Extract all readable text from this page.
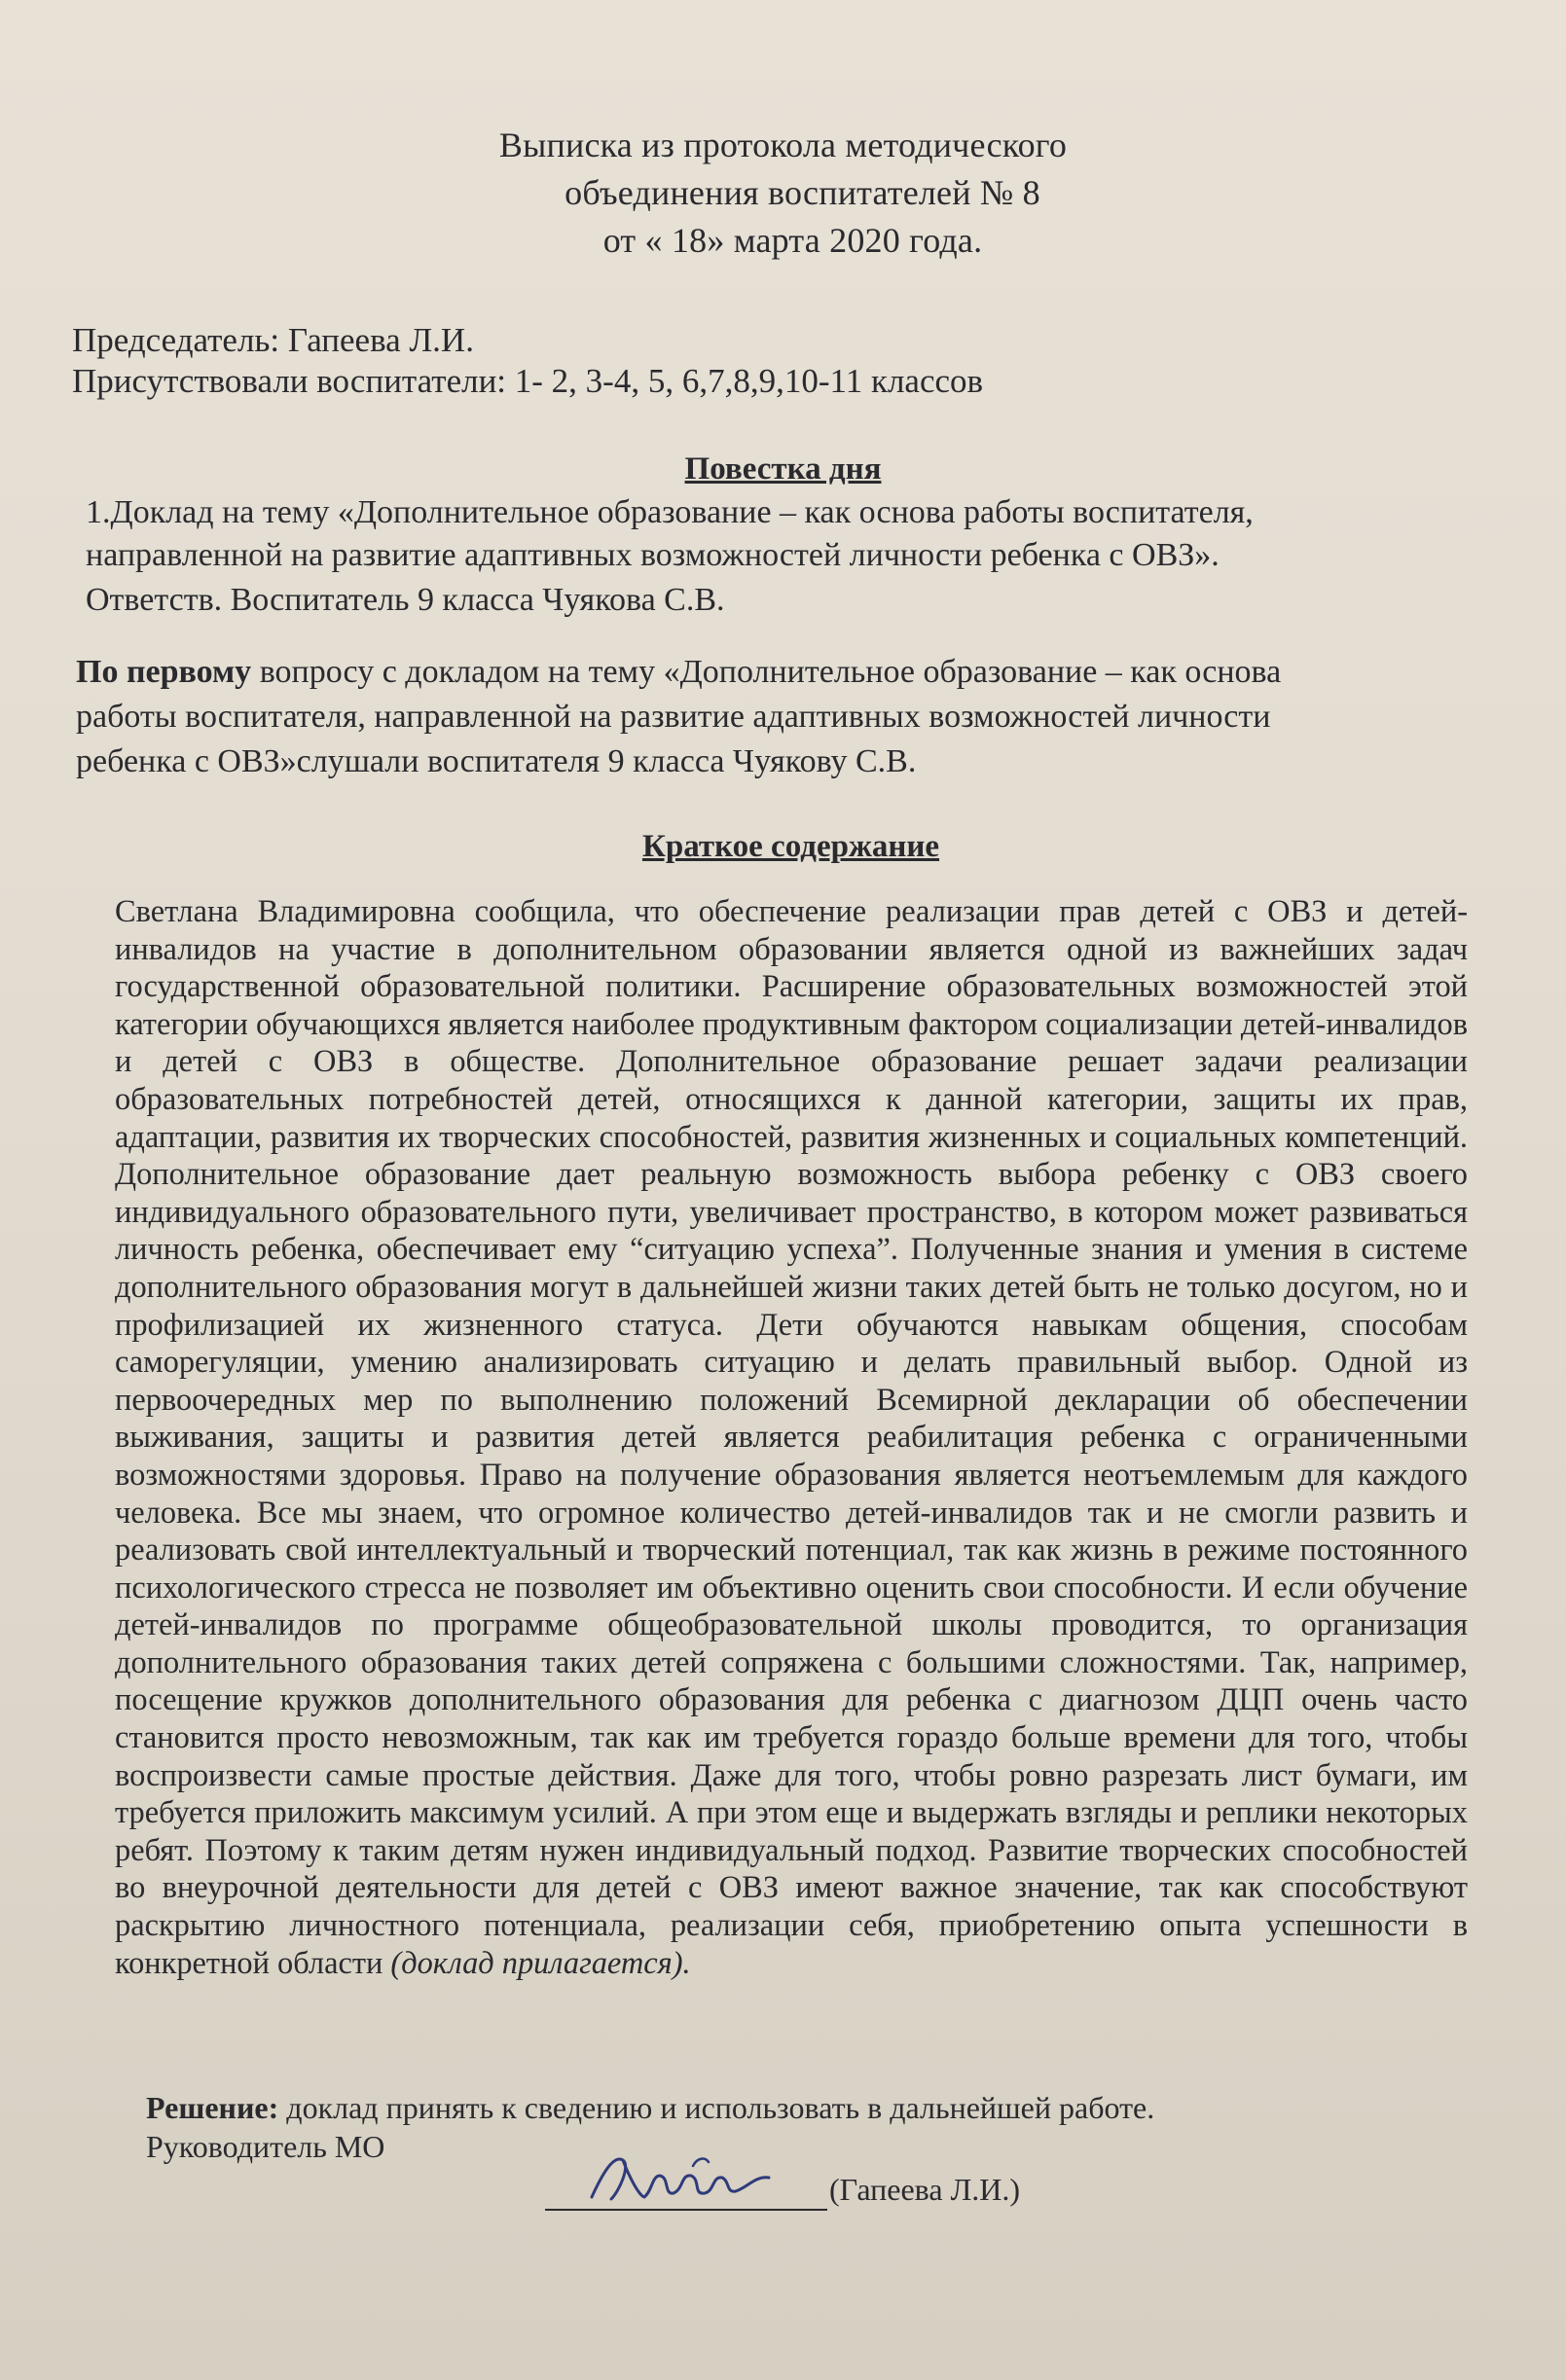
Выписка из протокола методического
объединения воспитателей № 8
от « 18» марта 2020 года.
Председатель: Гапеева Л.И.
Присутствовали воспитатели: 1- 2, 3-4, 5, 6,7,8,9,10-11 классов
Повестка дня
1.Доклад на тему «Дополнительное образование – как основа работы воспитателя,
направленной на развитие адаптивных возможностей личности ребенка с ОВЗ».
Ответств. Воспитатель 9 класса Чуякова С.В.
По первому вопросу с докладом на тему «Дополнительное образование – как основа
работы воспитателя, направленной на развитие адаптивных возможностей личности
ребенка с ОВЗ»слушали воспитателя 9 класса Чуякову С.В.
Краткое содержание
Светлана Владимировна сообщила, что обеспечение реализации прав детей с ОВЗ и детей-инвалидов на участие в дополнительном образовании является одной из важнейших задач государственной образовательной политики. Расширение образовательных возможностей этой категории обучающихся является наиболее продуктивным фактором социализации детей-инвалидов и детей с ОВЗ в обществе. Дополнительное образование решает задачи реализации образовательных потребностей детей, относящихся к данной категории, защиты их прав, адаптации, развития их творческих способностей, развития жизненных и социальных компетенций. Дополнительное образование дает реальную возможность выбора ребенку с ОВЗ своего индивидуального образовательного пути, увеличивает пространство, в котором может развиваться личность ребенка, обеспечивает ему “ситуацию успеха”. Полученные знания и умения в системе дополнительного образования могут в дальнейшей жизни таких детей быть не только досугом, но и профилизацией их жизненного статуса. Дети обучаются навыкам общения, способам саморегуляции, умению анализировать ситуацию и делать правильный выбор. Одной из первоочередных мер по выполнению положений Всемирной декларации об обеспечении выживания, защиты и развития детей является реабилитация ребенка с ограниченными возможностями здоровья. Право на получение образования является неотъемлемым для каждого человека. Все мы знаем, что огромное количество детей-инвалидов так и не смогли развить и реализовать свой интеллектуальный и творческий потенциал, так как жизнь в режиме постоянного психологического стресса не позволяет им объективно оценить свои способности. И если обучение детей-инвалидов по программе общеобразовательной школы проводится, то организация дополнительного образования таких детей сопряжена с большими сложностями. Так, например, посещение кружков дополнительного образования для ребенка с диагнозом ДЦП очень часто становится просто невозможным, так как им требуется гораздо больше времени для того, чтобы воспроизвести самые простые действия. Даже для того, чтобы ровно разрезать лист бумаги, им требуется приложить максимум усилий. А при этом еще и выдержать взгляды и реплики некоторых ребят. Поэтому к таким детям нужен индивидуальный подход. Развитие творческих способностей во внеурочной деятельности для детей с ОВЗ имеют важное значение, так как способствуют раскрытию личностного потенциала, реализации себя, приобретению опыта успешности в конкретной области (доклад прилагается).
Решение: доклад принять к сведению и использовать в дальнейшей работе.
Руководитель МО
(Гапеева Л.И.)
